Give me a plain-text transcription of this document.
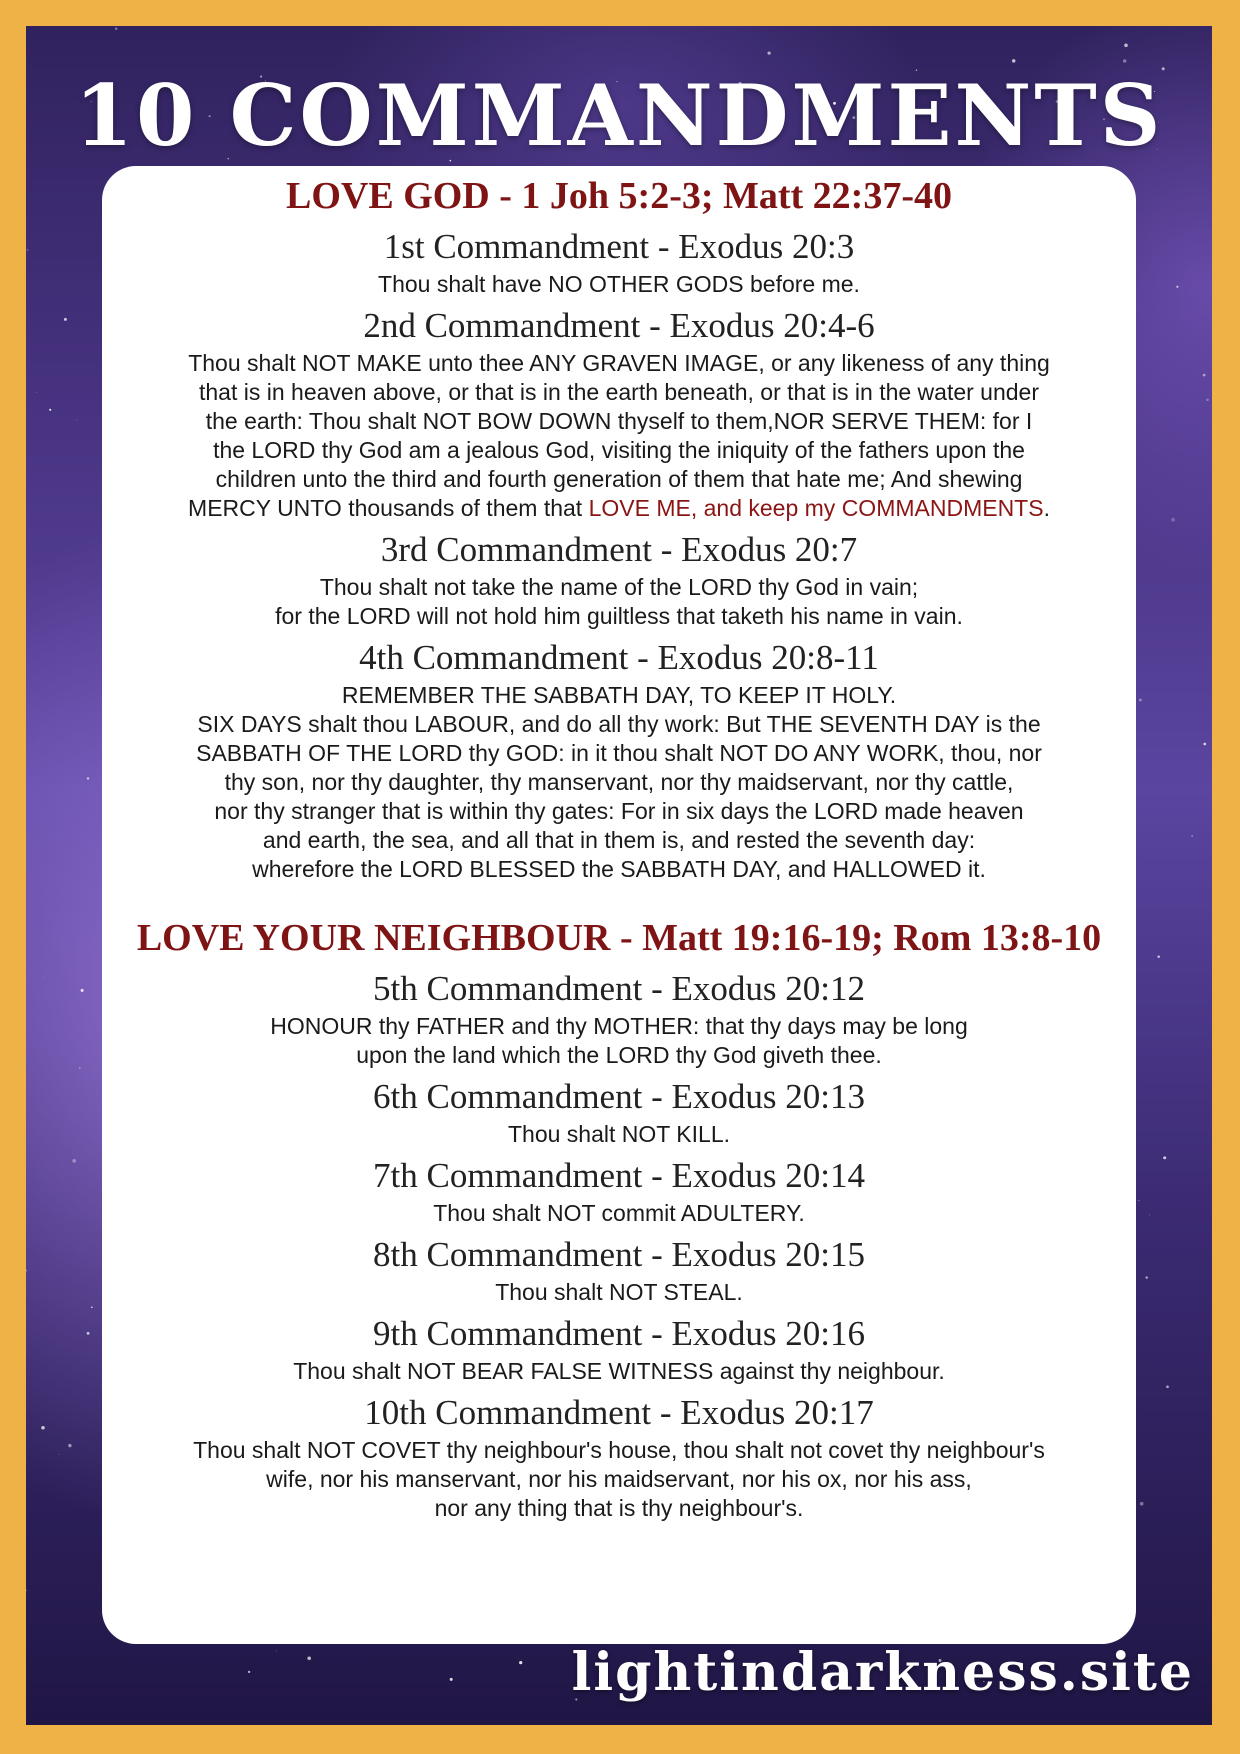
10 COMMANDMENTS
LOVE GOD - 1 Joh 5:2-3; Matt 22:37-40
1st Commandment - Exodus 20:3
Thou shalt have NO OTHER GODS before me.
2nd Commandment - Exodus 20:4-6
Thou shalt NOT MAKE unto thee ANY GRAVEN IMAGE, or any likeness of any thing
that is in heaven above, or that is in the earth beneath, or that is in the water under
the earth: Thou shalt NOT BOW DOWN thyself to them,NOR SERVE THEM: for I
the LORD thy God am a jealous God, visiting the iniquity of the fathers upon the
children unto the third and fourth generation of them that hate me; And shewing
MERCY UNTO thousands of them that LOVE ME, and keep my COMMANDMENTS.
3rd Commandment - Exodus 20:7
Thou shalt not take the name of the LORD thy God in vain;
for the LORD will not hold him guiltless that taketh his name in vain.
4th Commandment - Exodus 20:8-11
REMEMBER THE SABBATH DAY, TO KEEP IT HOLY.
SIX DAYS shalt thou LABOUR, and do all thy work: But THE SEVENTH DAY is the
SABBATH OF THE LORD thy GOD: in it thou shalt NOT DO ANY WORK, thou, nor
thy son, nor thy daughter, thy manservant, nor thy maidservant, nor thy cattle,
nor thy stranger that is within thy gates: For in six days the LORD made heaven
and earth, the sea, and all that in them is, and rested the seventh day:
wherefore the LORD BLESSED the SABBATH DAY, and HALLOWED it.
LOVE YOUR NEIGHBOUR - Matt 19:16-19; Rom 13:8-10
5th Commandment - Exodus 20:12
HONOUR thy FATHER and thy MOTHER: that thy days may be long
upon the land which the LORD thy God giveth thee.
6th Commandment - Exodus 20:13
Thou shalt NOT KILL.
7th Commandment - Exodus 20:14
Thou shalt NOT commit ADULTERY.
8th Commandment - Exodus 20:15
Thou shalt NOT STEAL.
9th Commandment - Exodus 20:16
Thou shalt NOT BEAR FALSE WITNESS against thy neighbour.
10th Commandment - Exodus 20:17
Thou shalt NOT COVET thy neighbour's house, thou shalt not covet thy neighbour's
wife, nor his manservant, nor his maidservant, nor his ox, nor his ass,
nor any thing that is thy neighbour's.
lightindarkness.site
